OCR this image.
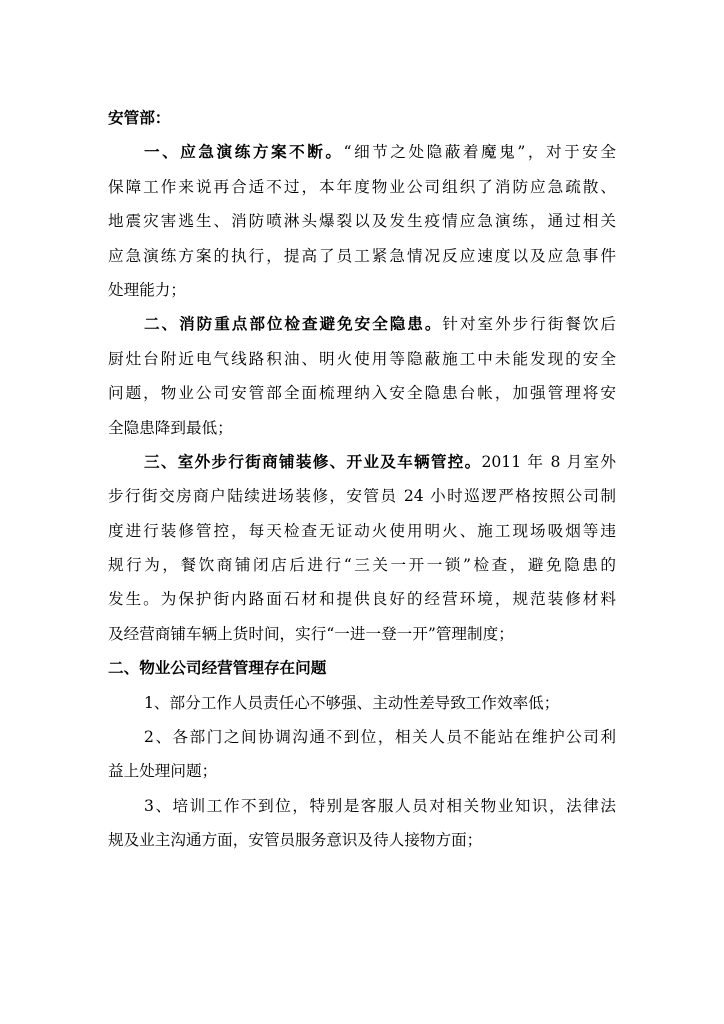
安管部：
一、应急演练方案不断。“细节之处隐蔽着魔鬼”，对于安全
保障工作来说再合适不过，本年度物业公司组织了消防应急疏散、
地震灾害逃生、消防喷淋头爆裂以及发生疫情应急演练，通过相关
应急演练方案的执行，提高了员工紧急情况反应速度以及应急事件
处理能力；
二、消防重点部位检查避免安全隐患。针对室外步行街餐饮后
厨灶台附近电气线路积油、明火使用等隐蔽施工中未能发现的安全
问题，物业公司安管部全面梳理纳入安全隐患台帐，加强管理将安
全隐患降到最低；
三、室外步行街商铺装修、开业及车辆管控。2011 年 8 月室外
步行街交房商户陆续进场装修，安管员 24 小时巡逻严格按照公司制
度进行装修管控，每天检查无证动火使用明火、施工现场吸烟等违
规行为，餐饮商铺闭店后进行“三关一开一锁”检查，避免隐患的
发生。为保护街内路面石材和提供良好的经营环境，规范装修材料
及经营商铺车辆上货时间，实行“一进一登一开”管理制度；
二、物业公司经营管理存在问题
1、部分工作人员责任心不够强、主动性差导致工作效率低；
2、各部门之间协调沟通不到位，相关人员不能站在维护公司利
益上处理问题；
3、培训工作不到位，特别是客服人员对相关物业知识，法律法
规及业主沟通方面，安管员服务意识及待人接物方面；
